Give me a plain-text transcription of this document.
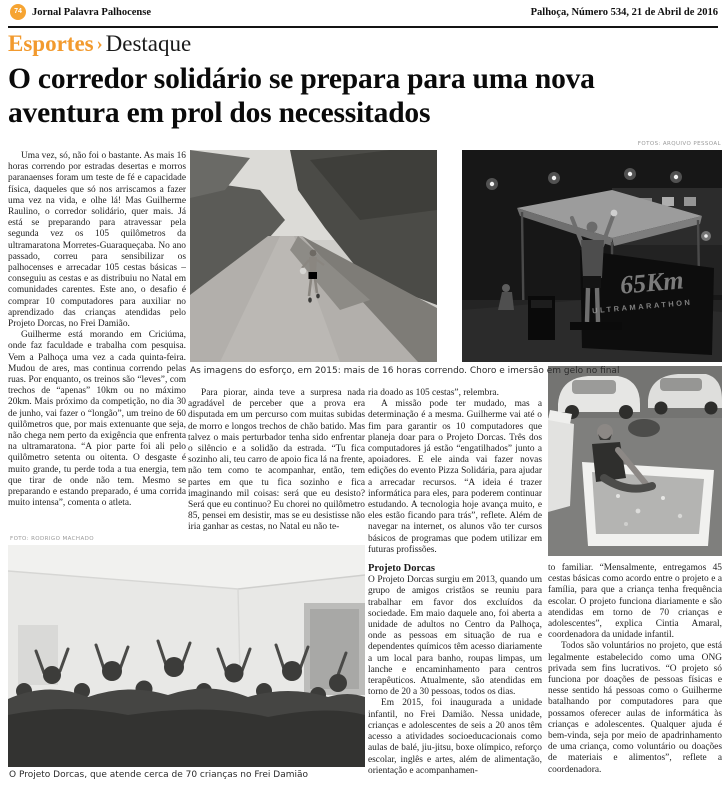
74 Jornal Palavra Palhocense	Palhoça, Número 534, 21 de Abril de 2016
Esportes › Destaque
O corredor solidário se prepara para uma nova aventura em prol dos necessitados
FOTOS: ARQUIVO PESSOAL
FOTO: RODRIGO MACHADO
65Km
ULTRAMARATHON
As imagens do esforço, em 2015: mais de 16 horas correndo. Choro e imersão em gelo no final
O Projeto Dorcas, que atende cerca de 70 crianças no Frei Damião

Uma vez, só, não foi o bastante. As mais 16 horas correndo por estradas desertas e morros paranaenses foram um teste de fé e capacidade física, daqueles que só nos arriscamos a fazer uma vez na vida, e olhe lá! Mas Guilherme Raulino, o corredor solidário, quer mais. Já está se preparando para atravessar pela segunda vez os 105 quilômetros da ultramaratona Morretes-Guaraqueçaba. No ano passado, correu para sensibilizar os palhocenses e arrecadar 105 cestas básicas – conseguiu as cestas e as distribuiu no Natal em comunidades carentes. Este ano, o desafio é comprar 10 computadores para auxiliar no aprendizado das crianças atendidas pelo Projeto Dorcas, no Frei Damião.

Guilherme está morando em Criciúma, onde faz faculdade e trabalha com pesquisa. Vem a Palhoça uma vez a cada quinta-feira. Mudou de ares, mas continua correndo pelas ruas. Por enquanto, os treinos são “leves”, com trechos de “apenas” 10km ou no máximo 20km. Mais próximo da competição, no dia 30 de junho, vai fazer o “longão”, um treino de 60 quilômetros que, por mais extenuante que seja, não chega nem perto da exigência que enfrenta na ultramaratona. “A pior parte foi ali pelo quilômetro setenta ou oitenta. O desgaste é muito grande, tu perde toda a tua energia, tem que tirar de onde não tem. Mesmo se preparando e estando preparado, é uma corrida muito intensa”, comenta o atleta.

Para piorar, ainda teve a surpresa nada agradável de perceber que a prova era disputada em um percurso com muitas subidas de morro e longos trechos de chão batido. Mas talvez o mais perturbador tenha sido enfrentar o silêncio e a solidão da estrada. “Tu fica sozinho ali, teu carro de apoio fica lá na frente, não tem como te acompanhar, então, tem partes em que tu fica sozinho e fica imaginando mil coisas: será que eu desisto? Será que eu continuo? Eu chorei no quilômetro 85, pensei em desistir, mas se eu desistisse não iria ganhar as cestas, no Natal eu não te-

ria doado as 105 cestas”, relembra.

A missão pode ter mudado, mas a determinação é a mesma. Guilherme vai até o fim para garantir os 10 computadores que planeja doar para o Projeto Dorcas. Três dos computadores já estão “engatilhados” junto a apoiadores. E ele ainda vai fazer novas edições do evento Pizza Solidária, para ajudar a arrecadar recursos. “A ideia é trazer informática para eles, para poderem continuar estudando. A tecnologia hoje avança muito, e eles estão ficando para trás”, reflete. Além de navegar na internet, os alunos vão ter cursos básicos de programas que podem utilizar em futuras profissões.

Projeto Dorcas

O Projeto Dorcas surgiu em 2013, quando um grupo de amigos cristãos se reuniu para trabalhar em favor dos excluídos da sociedade. Em maio daquele ano, foi aberta a unidade de adultos no Centro da Palhoça, onde as pessoas em situação de rua e dependentes químicos têm acesso diariamente a um local para banho, roupas limpas, um lanche e encaminhamento para centros terapêuticos. Atualmente, são atendidas em torno de 20 a 30 pessoas, todos os dias.

Em 2015, foi inaugurada a unidade infantil, no Frei Damião. Nessa unidade, crianças e adolescentes de seis a 20 anos têm acesso a atividades socioeducacionais como aulas de balé, jiu-jitsu, boxe olímpico, reforço escolar, inglês e artes, além de alimentação, orientação e acompanhamen-

to familiar. “Mensalmente, entregamos 45 cestas básicas como acordo entre o projeto e a família, para que a criança tenha frequência escolar. O projeto funciona diariamente e são atendidas em torno de 70 crianças e adolescentes”, explica Cintia Amaral, coordenadora da unidade infantil.

Todos são voluntários no projeto, que está legalmente estabelecido como uma ONG privada sem fins lucrativos. “O projeto só funciona por doações de pessoas físicas e nesse sentido há pessoas como o Guilherme batalhando por computadores para que possamos oferecer aulas de informática às crianças e adolescentes. Qualquer ajuda é bem-vinda, seja por meio de apadrinhamento de uma criança, como voluntário ou doações de materiais e alimentos”, reflete a coordenadora.
